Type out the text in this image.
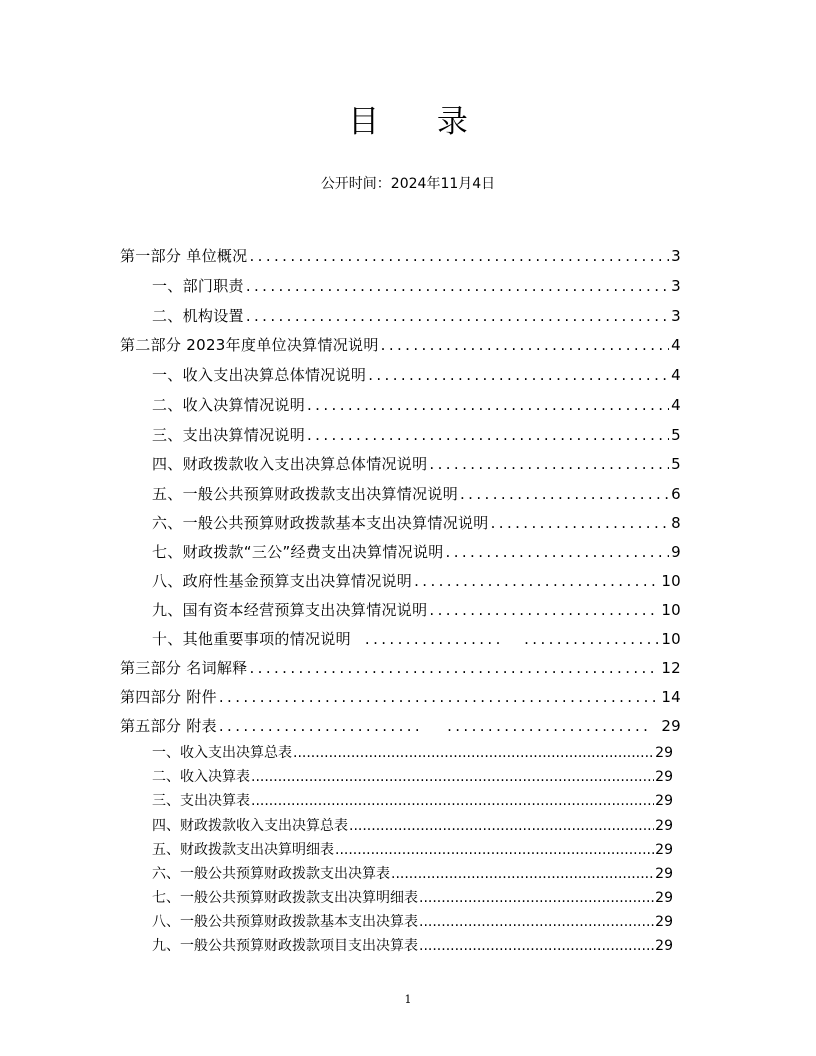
目 录
公开时间：2024年11月4日
第一部分 单位概况 .....	3
一、部门职责 .....	3
二、机构设置 .....	3
第二部分 2023年度单位决算情况说明 .....	4
一、收入支出决算总体情况说明 .....	4
二、收入决算情况说明 .....	4
三、支出决算情况说明 .....	5
四、财政拨款收入支出决算总体情况说明 .....	5
五、一般公共预算财政拨款支出决算情况说明 .....	6
六、一般公共预算财政拨款基本支出决算情况说明 .....	8
七、财政拨款“三公”经费支出决算情况说明 .....	9
八、政府性基金预算支出决算情况说明 .....	10
九、国有资本经营预算支出决算情况说明 .....	10
十、其他重要事项的情况说明 ..... .....	10
第三部分 名词解释 .....	12
第四部分 附件 .....	14
第五部分 附表 ..... .....	29
一、收入支出决算总表 .....	29
二、收入决算表 .....	29
三、支出决算表 .....	29
四、财政拨款收入支出决算总表 .....	29
五、财政拨款支出决算明细表 .....	29
六、一般公共预算财政拨款支出决算表 .....	29
七、一般公共预算财政拨款支出决算明细表 .....	29
八、一般公共预算财政拨款基本支出决算表 .....	29
九、一般公共预算财政拨款项目支出决算表 .....	29
1
